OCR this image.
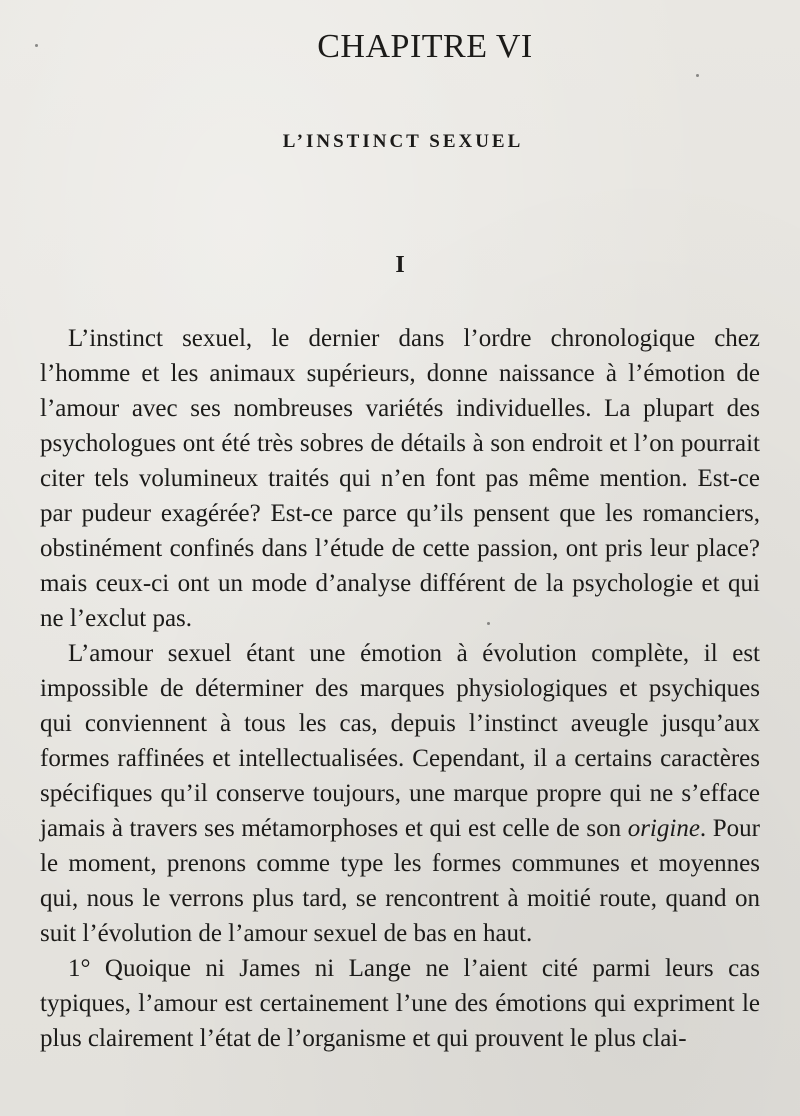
CHAPITRE VI
L’INSTINCT SEXUEL
I

L’instinct sexuel, le dernier dans l’ordre chronologique chez l’homme et les animaux supérieurs, donne naissance à l’émotion de l’amour avec ses nombreuses variétés individuelles. La plupart des psychologues ont été très sobres de détails à son endroit et l’on pourrait citer tels volumineux traités qui n’en font pas même mention. Est-ce par pudeur exagérée? Est-ce parce qu’ils pensent que les romanciers, obstinément confinés dans l’étude de cette passion, ont pris leur place? mais ceux-ci ont un mode d’analyse différent de la psychologie et qui ne l’exclut pas.

L’amour sexuel étant une émotion à évolution complète, il est impossible de déterminer des marques physiologiques et psychiques qui conviennent à tous les cas, depuis l’instinct aveugle jusqu’aux formes raffinées et intellectualisées. Cependant, il a certains caractères spécifiques qu’il conserve toujours, une marque propre qui ne s’efface jamais à travers ses métamorphoses et qui est celle de son origine. Pour le moment, prenons comme type les formes communes et moyennes qui, nous le verrons plus tard, se rencontrent à moitié route, quand on suit l’évolution de l’amour sexuel de bas en haut.

1° Quoique ni James ni Lange ne l’aient cité parmi leurs cas typiques, l’amour est certainement l’une des émotions qui expriment le plus clairement l’état de l’organisme et qui prouvent le plus clai-
